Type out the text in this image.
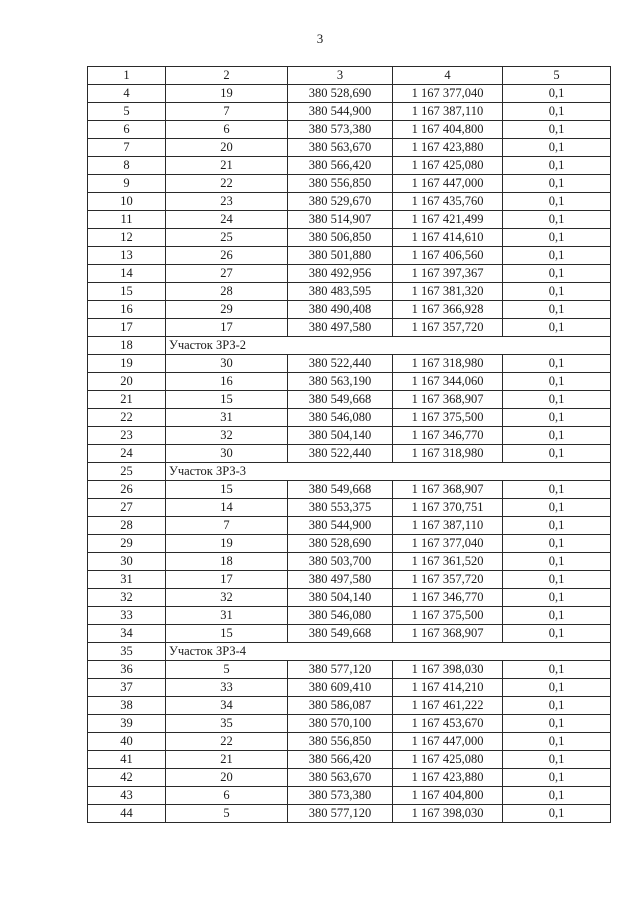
3
1	2	3	4	5
4	19	380 528,690	1 167 377,040	0,1
5	7	380 544,900	1 167 387,110	0,1
6	6	380 573,380	1 167 404,800	0,1
7	20	380 563,670	1 167 423,880	0,1
8	21	380 566,420	1 167 425,080	0,1
9	22	380 556,850	1 167 447,000	0,1
10	23	380 529,670	1 167 435,760	0,1
11	24	380 514,907	1 167 421,499	0,1
12	25	380 506,850	1 167 414,610	0,1
13	26	380 501,880	1 167 406,560	0,1
14	27	380 492,956	1 167 397,367	0,1
15	28	380 483,595	1 167 381,320	0,1
16	29	380 490,408	1 167 366,928	0,1
17	17	380 497,580	1 167 357,720	0,1
18	Участок ЗРЗ-2			
19	30	380 522,440	1 167 318,980	0,1
20	16	380 563,190	1 167 344,060	0,1
21	15	380 549,668	1 167 368,907	0,1
22	31	380 546,080	1 167 375,500	0,1
23	32	380 504,140	1 167 346,770	0,1
24	30	380 522,440	1 167 318,980	0,1
25	Участок ЗРЗ-3			
26	15	380 549,668	1 167 368,907	0,1
27	14	380 553,375	1 167 370,751	0,1
28	7	380 544,900	1 167 387,110	0,1
29	19	380 528,690	1 167 377,040	0,1
30	18	380 503,700	1 167 361,520	0,1
31	17	380 497,580	1 167 357,720	0,1
32	32	380 504,140	1 167 346,770	0,1
33	31	380 546,080	1 167 375,500	0,1
34	15	380 549,668	1 167 368,907	0,1
35	Участок ЗРЗ-4			
36	5	380 577,120	1 167 398,030	0,1
37	33	380 609,410	1 167 414,210	0,1
38	34	380 586,087	1 167 461,222	0,1
39	35	380 570,100	1 167 453,670	0,1
40	22	380 556,850	1 167 447,000	0,1
41	21	380 566,420	1 167 425,080	0,1
42	20	380 563,670	1 167 423,880	0,1
43	6	380 573,380	1 167 404,800	0,1
44	5	380 577,120	1 167 398,030	0,1
